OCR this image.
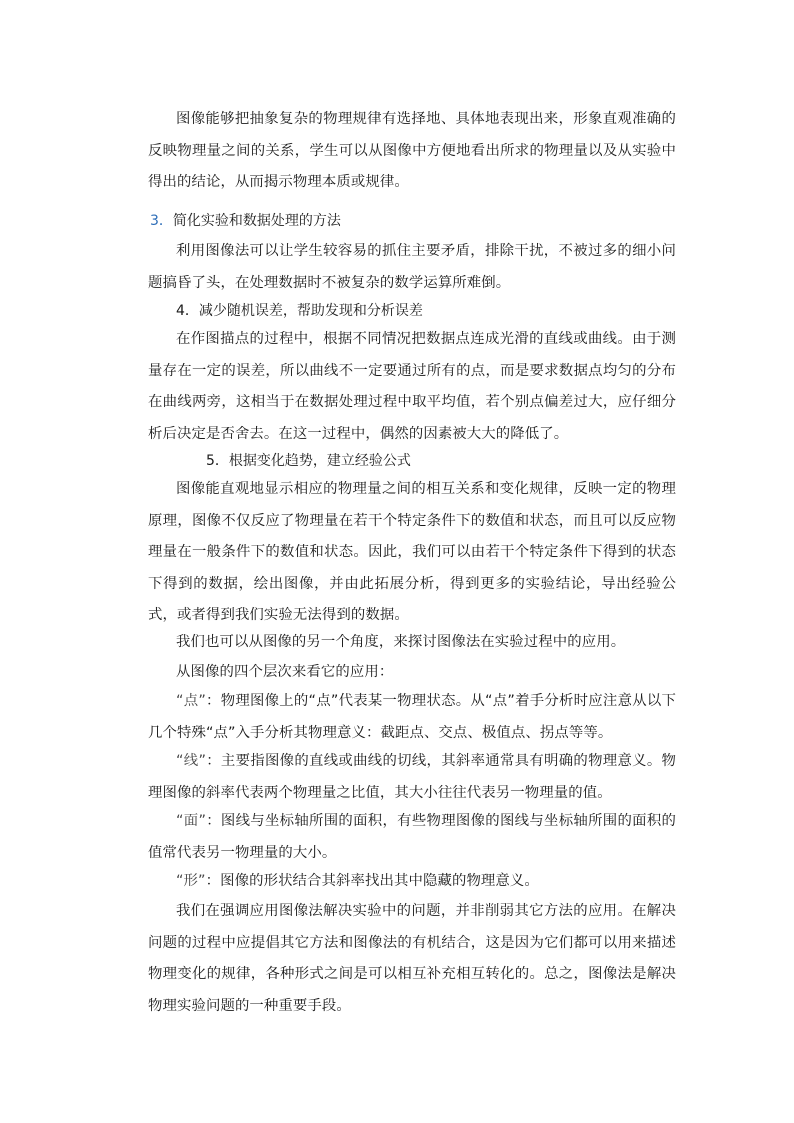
图像能够把抽象复杂的物理规律有选择地、具体地表现出来，形象直观准确的反映物理量之间的关系，学生可以从图像中方便地看出所求的物理量以及从实验中得出的结论，从而揭示物理本质或规律。

3．简化实验和数据处理的方法

利用图像法可以让学生较容易的抓住主要矛盾，排除干扰，不被过多的细小问题搞昏了头，在处理数据时不被复杂的数学运算所难倒。

4．减少随机误差，帮助发现和分析误差

在作图描点的过程中，根据不同情况把数据点连成光滑的直线或曲线。由于测量存在一定的误差，所以曲线不一定要通过所有的点，而是要求数据点均匀的分布在曲线两旁，这相当于在数据处理过程中取平均值，若个别点偏差过大，应仔细分析后决定是否舍去。在这一过程中，偶然的因素被大大的降低了。

5．根据变化趋势，建立经验公式

图像能直观地显示相应的物理量之间的相互关系和变化规律，反映一定的物理原理，图像不仅反应了物理量在若干个特定条件下的数值和状态，而且可以反应物理量在一般条件下的数值和状态。因此，我们可以由若干个特定条件下得到的状态下得到的数据，绘出图像，并由此拓展分析，得到更多的实验结论，导出经验公式，或者得到我们实验无法得到的数据。

我们也可以从图像的另一个角度，来探讨图像法在实验过程中的应用。

从图像的四个层次来看它的应用：

“点”：物理图像上的“点”代表某一物理状态。从“点”着手分析时应注意从以下几个特殊“点”入手分析其物理意义：截距点、交点、极值点、拐点等等。

“线”：主要指图像的直线或曲线的切线，其斜率通常具有明确的物理意义。物理图像的斜率代表两个物理量之比值，其大小往往代表另一物理量的值。

“面”：图线与坐标轴所围的面积，有些物理图像的图线与坐标轴所围的面积的值常代表另一物理量的大小。

“形”：图像的形状结合其斜率找出其中隐藏的物理意义。

我们在强调应用图像法解决实验中的问题，并非削弱其它方法的应用。在解决问题的过程中应提倡其它方法和图像法的有机结合，这是因为它们都可以用来描述物理变化的规律，各种形式之间是可以相互补充相互转化的。总之，图像法是解决物理实验问题的一种重要手段。
